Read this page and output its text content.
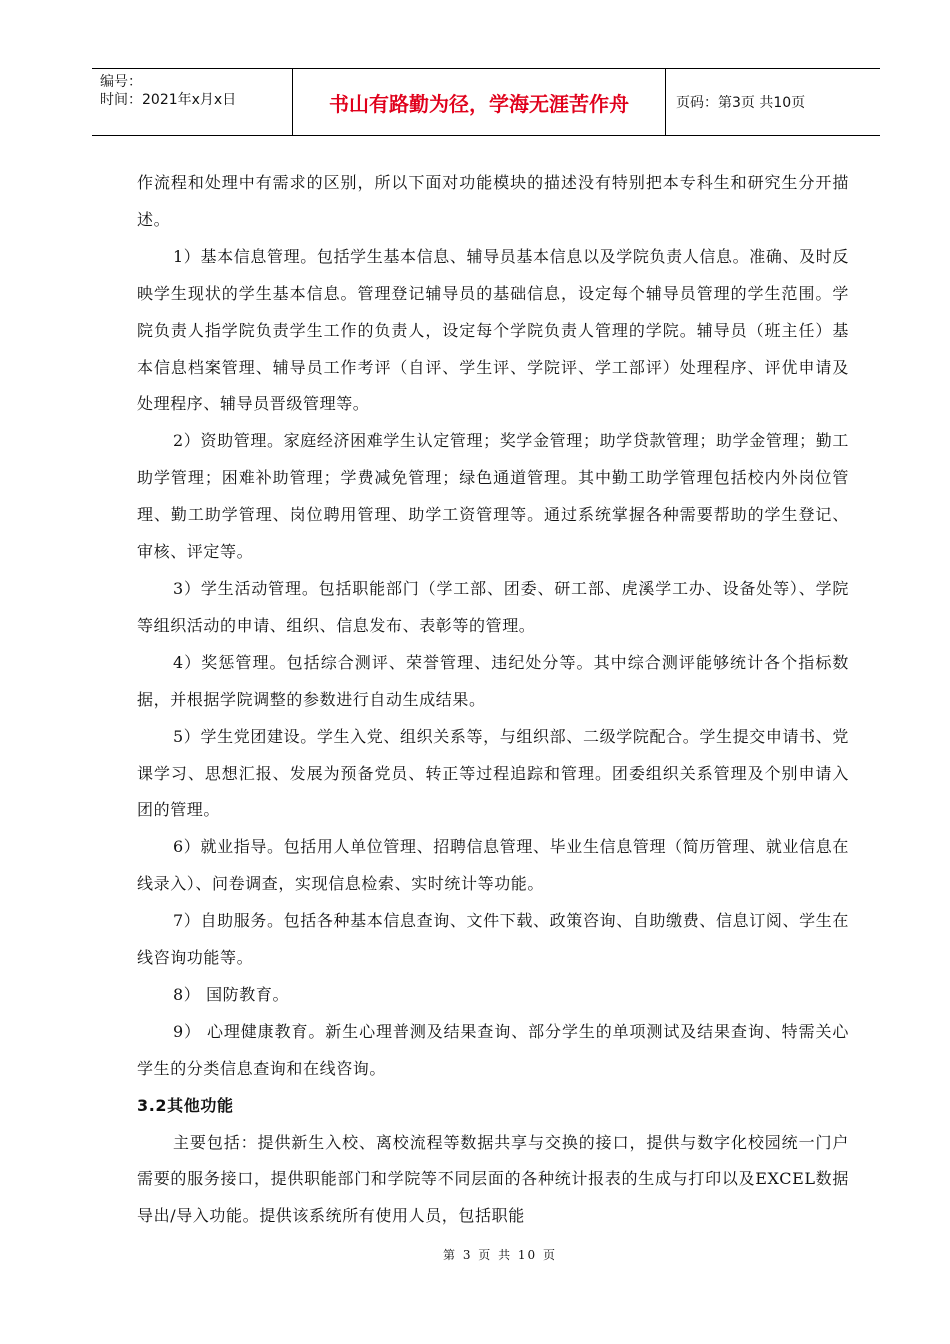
编号：
时间：2021年x月x日	书山有路勤为径，学海无涯苦作舟	页码：第3页 共10页

作流程和处理中有需求的区别，所以下面对功能模块的描述没有特别把本专科生和研究生分开描述。

1）基本信息管理。包括学生基本信息、辅导员基本信息以及学院负责人信息。准确、及时反映学生现状的学生基本信息。管理登记辅导员的基础信息，设定每个辅导员管理的学生范围。学院负责人指学院负责学生工作的负责人，设定每个学院负责人管理的学院。辅导员（班主任）基本信息档案管理、辅导员工作考评（自评、学生评、学院评、学工部评）处理程序、评优申请及处理程序、辅导员晋级管理等。

2）资助管理。家庭经济困难学生认定管理；奖学金管理；助学贷款管理；助学金管理；勤工助学管理；困难补助管理；学费减免管理；绿色通道管理。其中勤工助学管理包括校内外岗位管理、勤工助学管理、岗位聘用管理、助学工资管理等。通过系统掌握各种需要帮助的学生登记、审核、评定等。

3）学生活动管理。包括职能部门（学工部、团委、研工部、虎溪学工办、设备处等）、学院等组织活动的申请、组织、信息发布、表彰等的管理。

4）奖惩管理。包括综合测评、荣誉管理、违纪处分等。其中综合测评能够统计各个指标数据，并根据学院调整的参数进行自动生成结果。

5）学生党团建设。学生入党、组织关系等，与组织部、二级学院配合。学生提交申请书、党课学习、思想汇报、发展为预备党员、转正等过程追踪和管理。团委组织关系管理及个别申请入团的管理。

6）就业指导。包括用人单位管理、招聘信息管理、毕业生信息管理（简历管理、就业信息在线录入）、问卷调查，实现信息检索、实时统计等功能。

7）自助服务。包括各种基本信息查询、文件下载、政策咨询、自助缴费、信息订阅、学生在线咨询功能等。

8） 国防教育。

9） 心理健康教育。新生心理普测及结果查询、部分学生的单项测试及结果查询、特需关心学生的分类信息查询和在线咨询。

3.2其他功能

主要包括：提供新生入校、离校流程等数据共享与交换的接口，提供与数字化校园统一门户需要的服务接口，提供职能部门和学院等不同层面的各种统计报表的生成与打印以及EXCEL数据导出/导入功能。提供该系统所有使用人员，包括职能

第 3 页 共 10 页
